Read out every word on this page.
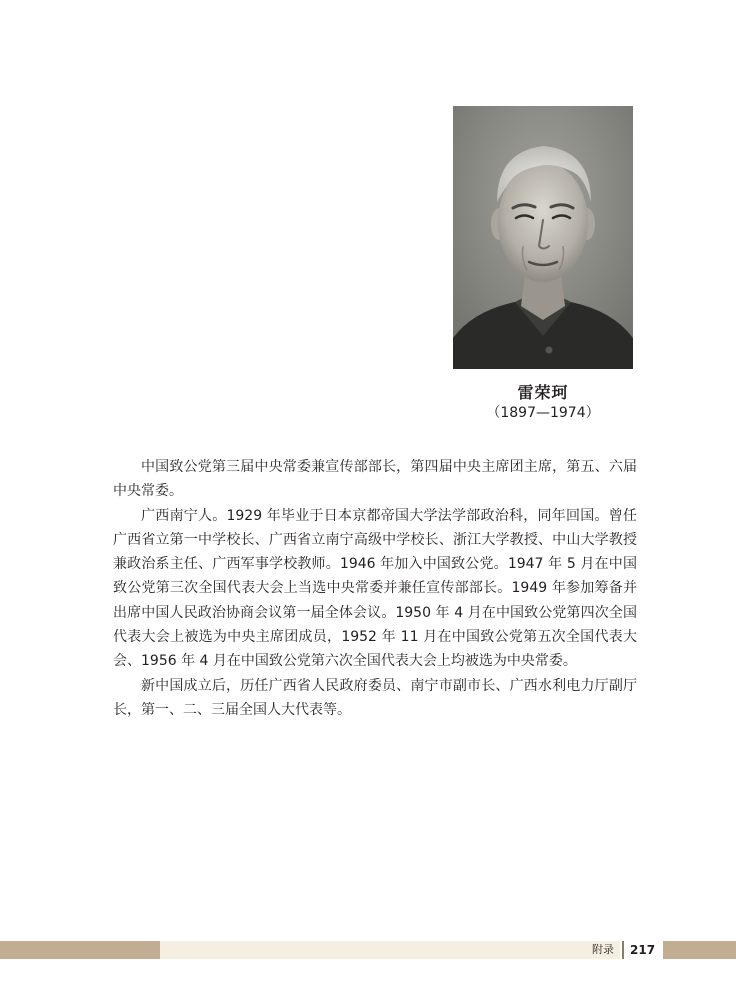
雷荣珂
（1897—1974）

中国致公党第三届中央常委兼宣传部部长，第四届中央主席团主席，第五、六届中央常委。

广西南宁人。1929 年毕业于日本京都帝国大学法学部政治科，同年回国。曾任广西省立第一中学校长、广西省立南宁高级中学校长、浙江大学教授、中山大学教授兼政治系主任、广西军事学校教师。1946 年加入中国致公党。1947 年 5 月在中国致公党第三次全国代表大会上当选中央常委并兼任宣传部部长。1949 年参加筹备并出席中国人民政治协商会议第一届全体会议。1950 年 4 月在中国致公党第四次全国代表大会上被选为中央主席团成员，1952 年 11 月在中国致公党第五次全国代表大会、1956 年 4 月在中国致公党第六次全国代表大会上均被选为中央常委。

新中国成立后，历任广西省人民政府委员、南宁市副市长、广西水利电力厅副厅长，第一、二、三届全国人大代表等。

附录 217
